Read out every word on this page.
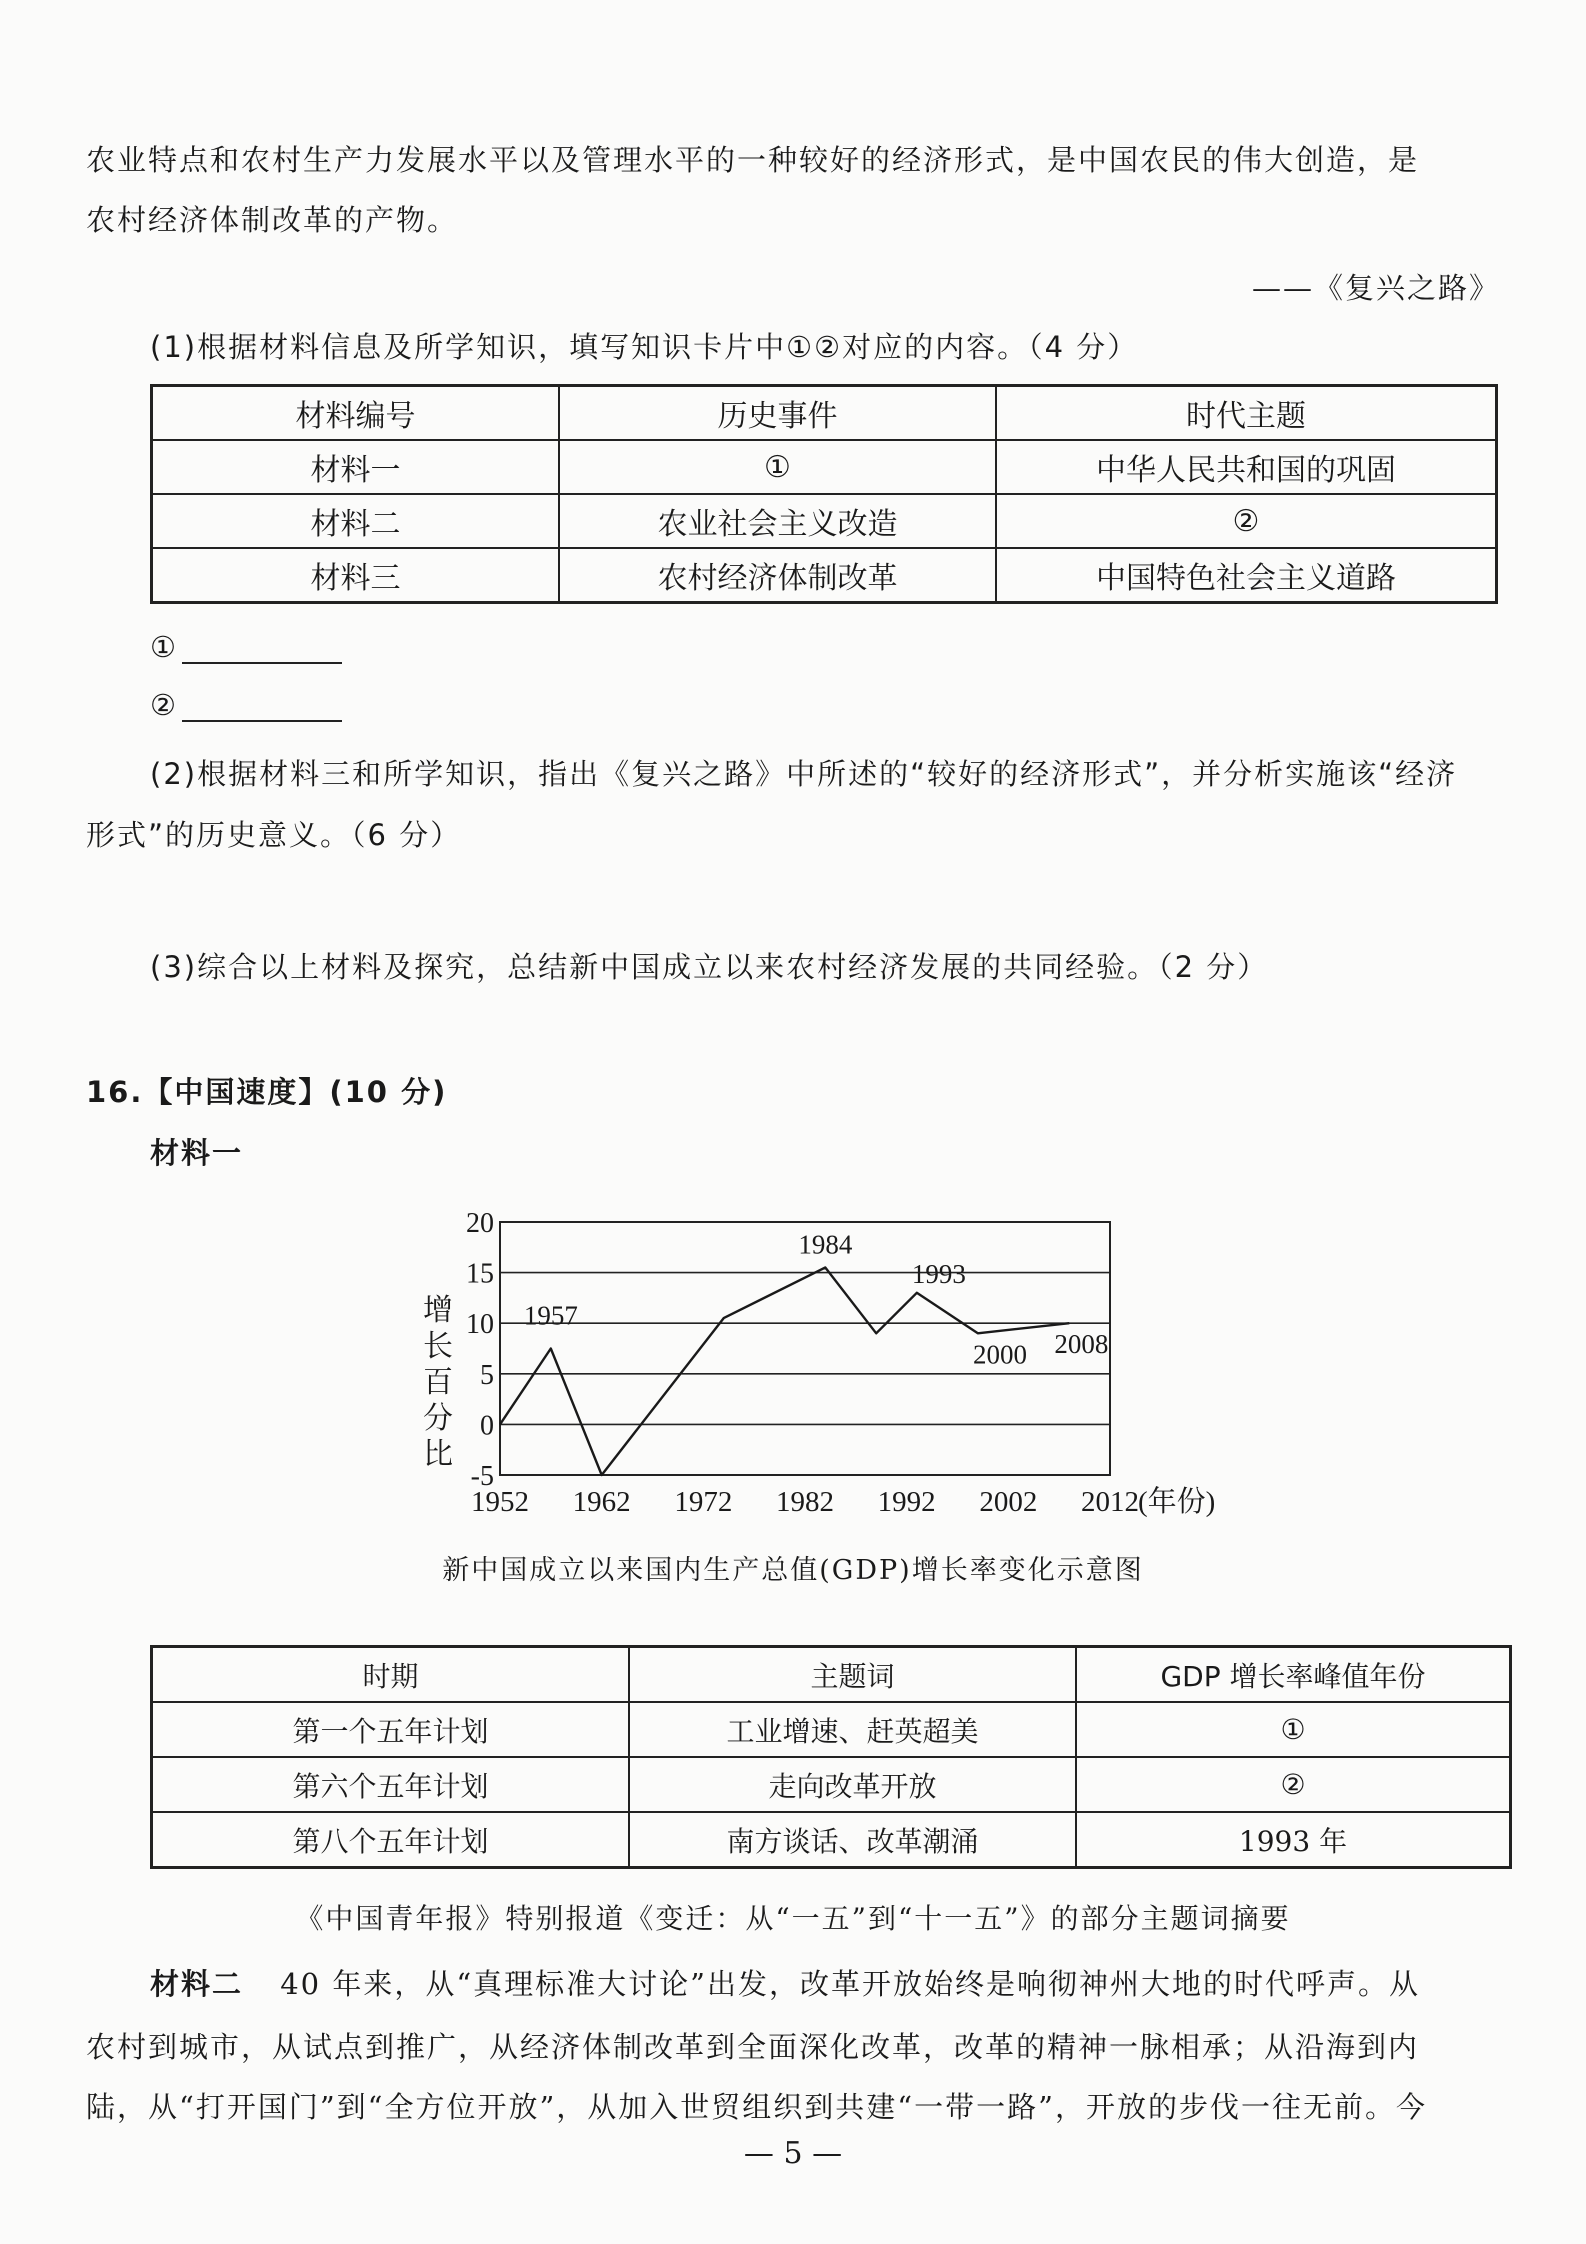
农业特点和农村生产力发展水平以及管理水平的一种较好的经济形式，是中国农民的伟大创造，是
农村经济体制改革的产物。
——《复兴之路》
(1)根据材料信息及所学知识，填写知识卡片中①②对应的内容。（4 分）
材料编号	历史事件	时代主题
材料一	①	中华人民共和国的巩固
材料二	农业社会主义改造	②
材料三	农村经济体制改革	中国特色社会主义道路
①
②
(2)根据材料三和所学知识，指出《复兴之路》中所述的“较好的经济形式”，并分析实施该“经济
形式”的历史意义。（6 分）
(3)综合以上材料及探究，总结新中国成立以来农村经济发展的共同经验。（2 分）
16.【中国速度】(10 分)
材料一
-5
0
5
10
15
20
1952 1962 1972 1982 1992 2002 2012 (年份)
增
长
百
分
比
1957
1984
1993
2000 2008
新中国成立以来国内生产总值(GDP)增长率变化示意图
时期	主题词	GDP 增长率峰值年份
第一个五年计划	工业增速、赶英超美	①
第六个五年计划	走向改革开放	②
第八个五年计划	南方谈话、改革潮涌	1993 年
《中国青年报》特别报道《变迁：从“一五”到“十一五”》的部分主题词摘要
材料二 40 年来，从“真理标准大讨论”出发，改革开放始终是响彻神州大地的时代呼声。从
农村到城市，从试点到推广，从经济体制改革到全面深化改革，改革的精神一脉相承；从沿海到内
陆，从“打开国门”到“全方位开放”，从加入世贸组织到共建“一带一路”，开放的步伐一往无前。今
— 5 —
